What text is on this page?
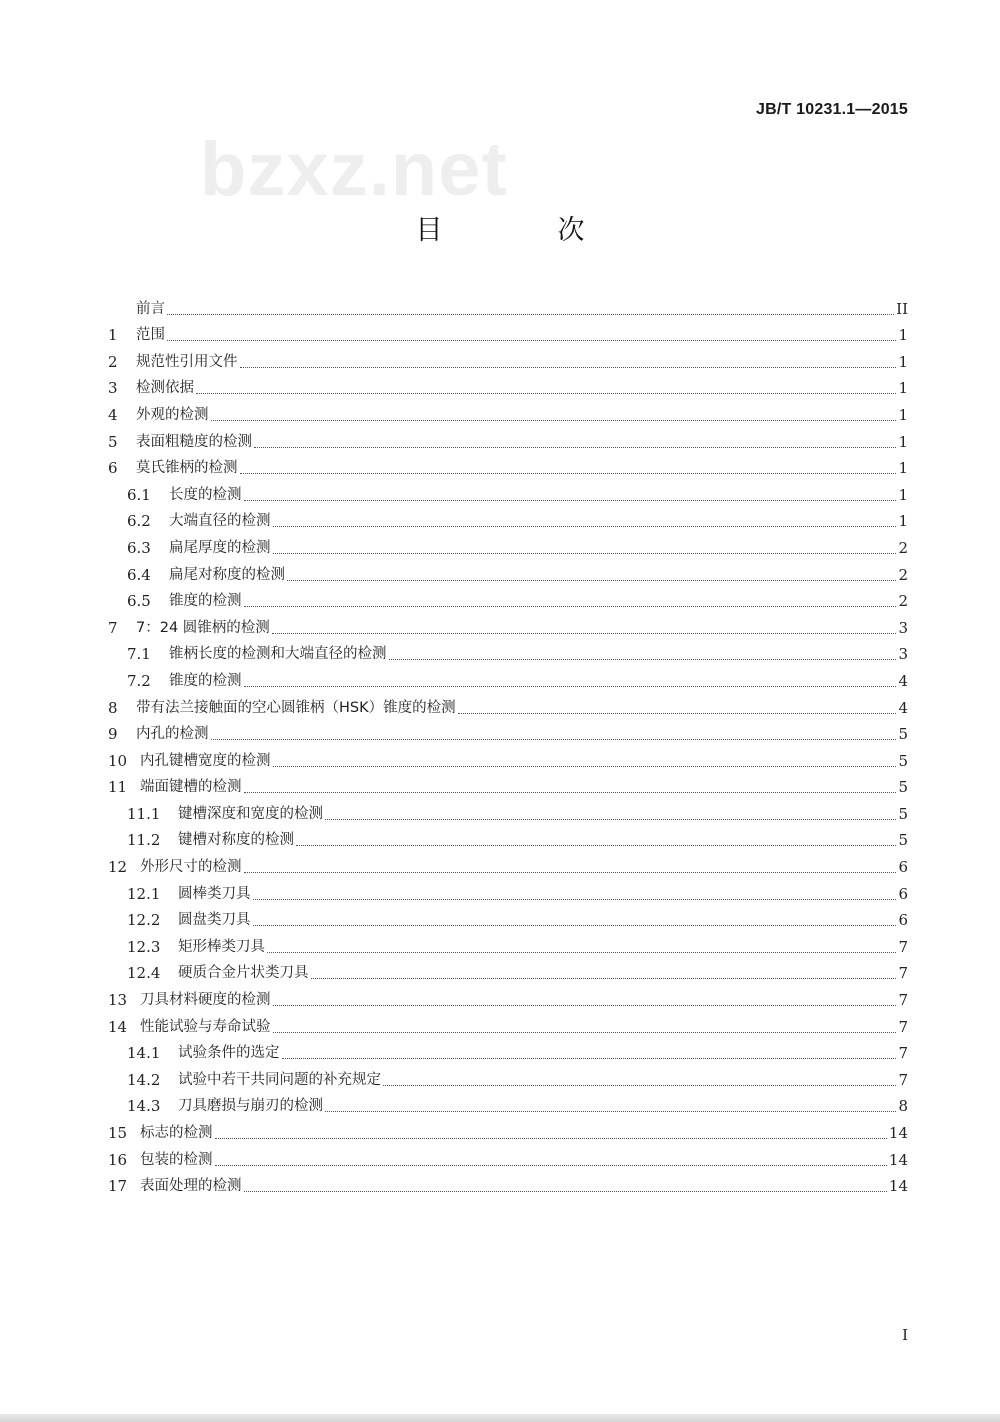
JB/T 10231.1—2015
bzxz.net
目　次
前言	II
1	范围	1
2	规范性引用文件	1
3	检测依据	1
4	外观的检测	1
5	表面粗糙度的检测	1
6	莫氏锥柄的检测	1
6.1	长度的检测	1
6.2	大端直径的检测	1
6.3	扁尾厚度的检测	2
6.4	扁尾对称度的检测	2
6.5	锥度的检测	2
7	7：24 圆锥柄的检测	3
7.1	锥柄长度的检测和大端直径的检测	3
7.2	锥度的检测	4
8	带有法兰接触面的空心圆锥柄（HSK）锥度的检测	4
9	内孔的检测	5
10 内孔键槽宽度的检测	5
11 端面键槽的检测	5
11.1	键槽深度和宽度的检测	5
11.2	键槽对称度的检测	5
12 外形尺寸的检测	6
12.1	圆棒类刀具	6
12.2	圆盘类刀具	6
12.3	矩形棒类刀具	7
12.4	硬质合金片状类刀具	7
13 刀具材料硬度的检测	7
14 性能试验与寿命试验	7
14.1	试验条件的选定	7
14.2	试验中若干共同问题的补充规定	7
14.3	刀具磨损与崩刃的检测	8
15 标志的检测	14
16 包装的检测	14
17 表面处理的检测	14
I
